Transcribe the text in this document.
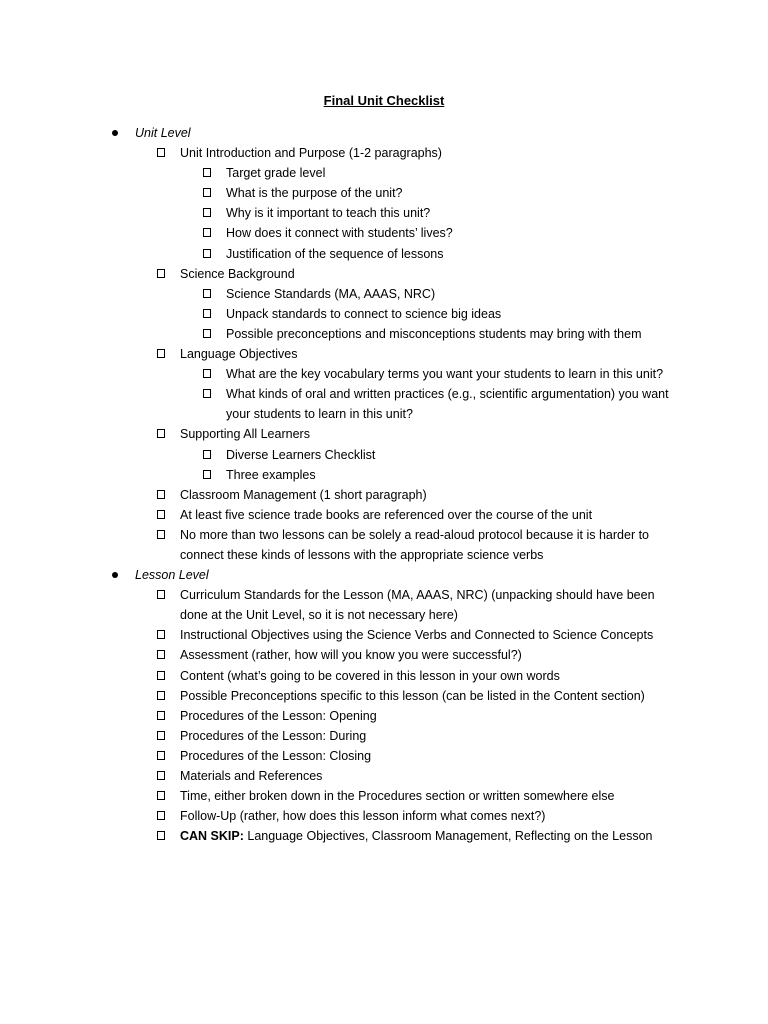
Final Unit Checklist
Unit Level
Unit Introduction and Purpose (1-2 paragraphs)
Target grade level
What is the purpose of the unit?
Why is it important to teach this unit?
How does it connect with students’ lives?
Justification of the sequence of lessons
Science Background
Science Standards (MA, AAAS, NRC)
Unpack standards to connect to science big ideas
Possible preconceptions and misconceptions students may bring with them
Language Objectives
What are the key vocabulary terms you want your students to learn in this unit?
What kinds of oral and written practices (e.g., scientific argumentation) you want your students to learn in this unit?
Supporting All Learners
Diverse Learners Checklist
Three examples
Classroom Management (1 short paragraph)
At least five science trade books are referenced over the course of the unit
No more than two lessons can be solely a read-aloud protocol because it is harder to connect these kinds of lessons with the appropriate science verbs
Lesson Level
Curriculum Standards for the Lesson (MA, AAAS, NRC) (unpacking should have been done at the Unit Level, so it is not necessary here)
Instructional Objectives using the Science Verbs and Connected to Science Concepts
Assessment (rather, how will you know you were successful?)
Content (what’s going to be covered in this lesson in your own words
Possible Preconceptions specific to this lesson (can be listed in the Content section)
Procedures of the Lesson: Opening
Procedures of the Lesson: During
Procedures of the Lesson: Closing
Materials and References
Time, either broken down in the Procedures section or written somewhere else
Follow-Up (rather, how does this lesson inform what comes next?)
CAN SKIP: Language Objectives, Classroom Management, Reflecting on the Lesson
